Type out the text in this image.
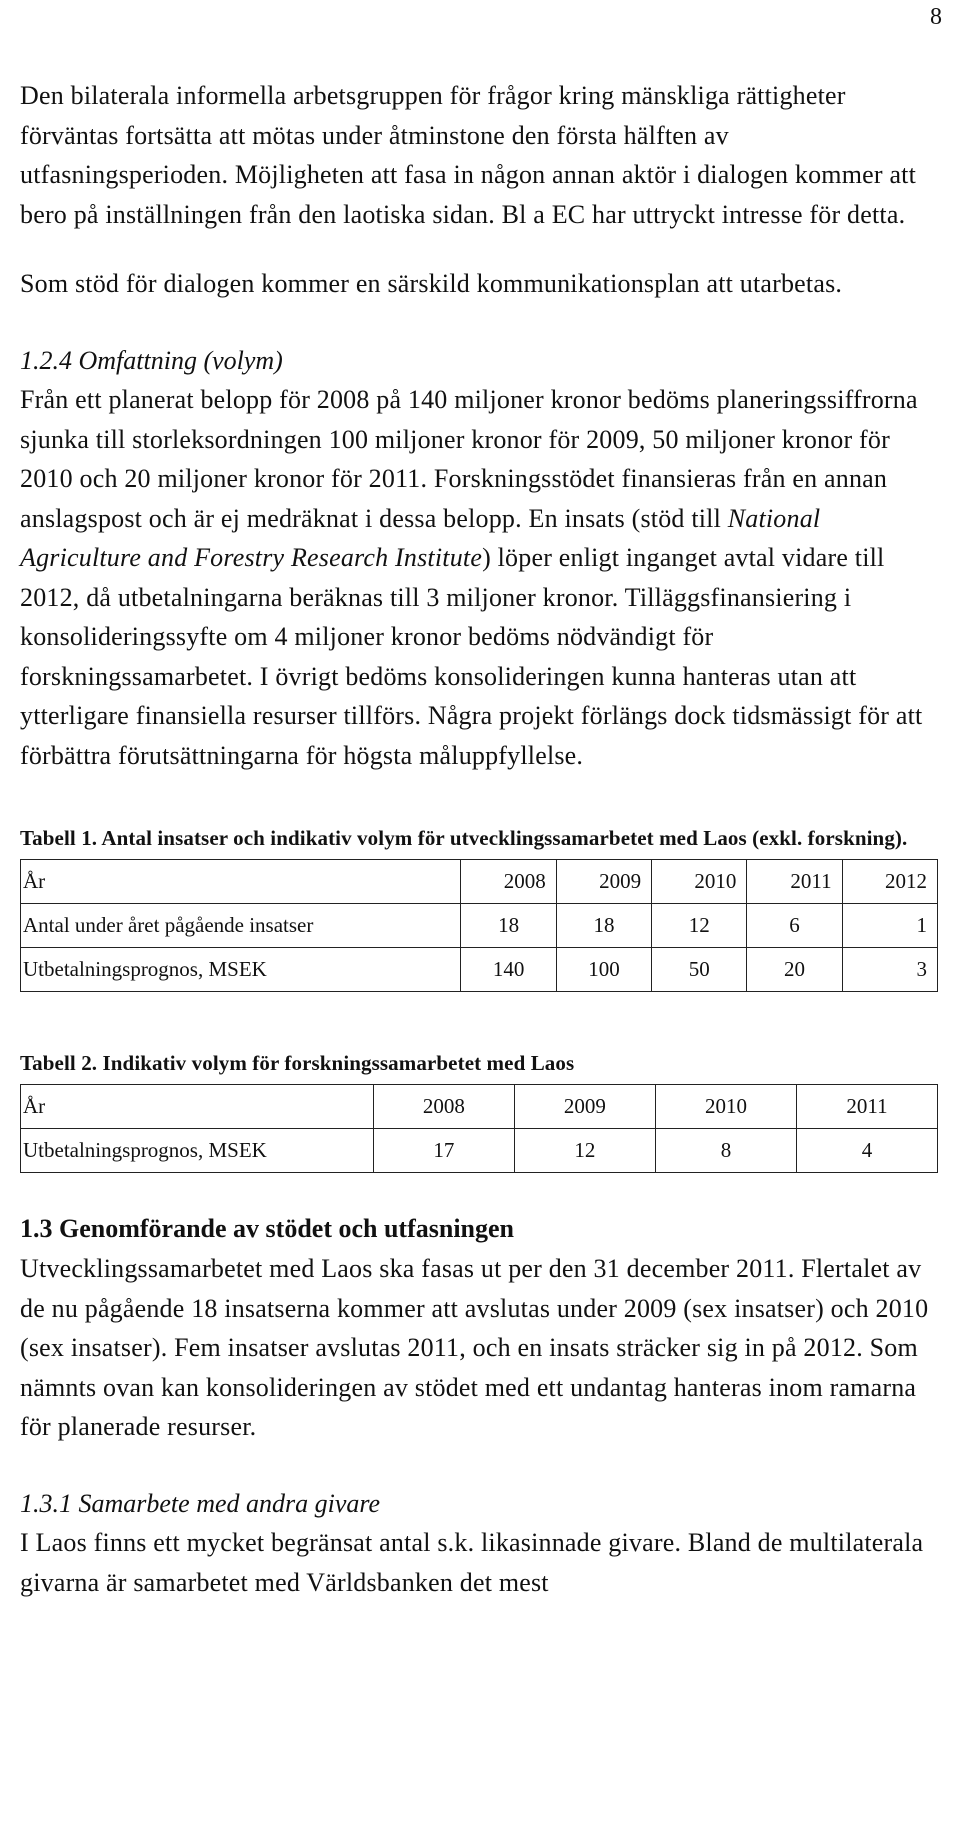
8

Den bilaterala informella arbetsgruppen för frågor kring mänskliga rättigheter förväntas fortsätta att mötas under åtminstone den första hälften av utfasningsperioden. Möjligheten att fasa in någon annan aktör i dialogen kommer att bero på inställningen från den laotiska sidan. Bl a EC har uttryckt intresse för detta.

Som stöd för dialogen kommer en särskild kommunikationsplan att utarbetas.

1.2.4 Omfattning (volym)

Från ett planerat belopp för 2008 på 140 miljoner kronor bedöms planeringssiffrorna sjunka till storleksordningen 100 miljoner kronor för 2009, 50 miljoner kronor för 2010 och 20 miljoner kronor för 2011. Forskningsstödet finansieras från en annan anslagspost och är ej medräknat i dessa belopp. En insats (stöd till National Agriculture and Forestry Research Institute) löper enligt inganget avtal vidare till 2012, då utbetalningarna beräknas till 3 miljoner kronor. Tilläggsfinansiering i konsolideringssyfte om 4 miljoner kronor bedöms nödvändigt för forskningssamarbetet. I övrigt bedöms konsolideringen kunna hanteras utan att ytterligare finansiella resurser tillförs. Några projekt förlängs dock tidsmässigt för att förbättra förutsättningarna för högsta måluppfyllelse.

Tabell 1. Antal insatser och indikativ volym för utvecklingssamarbetet med Laos (exkl. forskning).

År	2008	2009	2010	2011	2012
Antal under året pågående insatser	18	18	12	6	1
Utbetalningsprognos, MSEK	140	100	50	20	3

Tabell 2. Indikativ volym för forskningssamarbetet med Laos

År	2008	2009	2010	2011
Utbetalningsprognos, MSEK	17	12	8	4
1.3 Genomförande av stödet och utfasningen

Utvecklingssamarbetet med Laos ska fasas ut per den 31 december 2011. Flertalet av de nu pågående 18 insatserna kommer att avslutas under 2009 (sex insatser) och 2010 (sex insatser). Fem insatser avslutas 2011, och en insats sträcker sig in på 2012. Som nämnts ovan kan konsolideringen av stödet med ett undantag hanteras inom ramarna för planerade resurser.

1.3.1 Samarbete med andra givare

I Laos finns ett mycket begränsat antal s.k. likasinnade givare. Bland de multilaterala givarna är samarbetet med Världsbanken det mest
